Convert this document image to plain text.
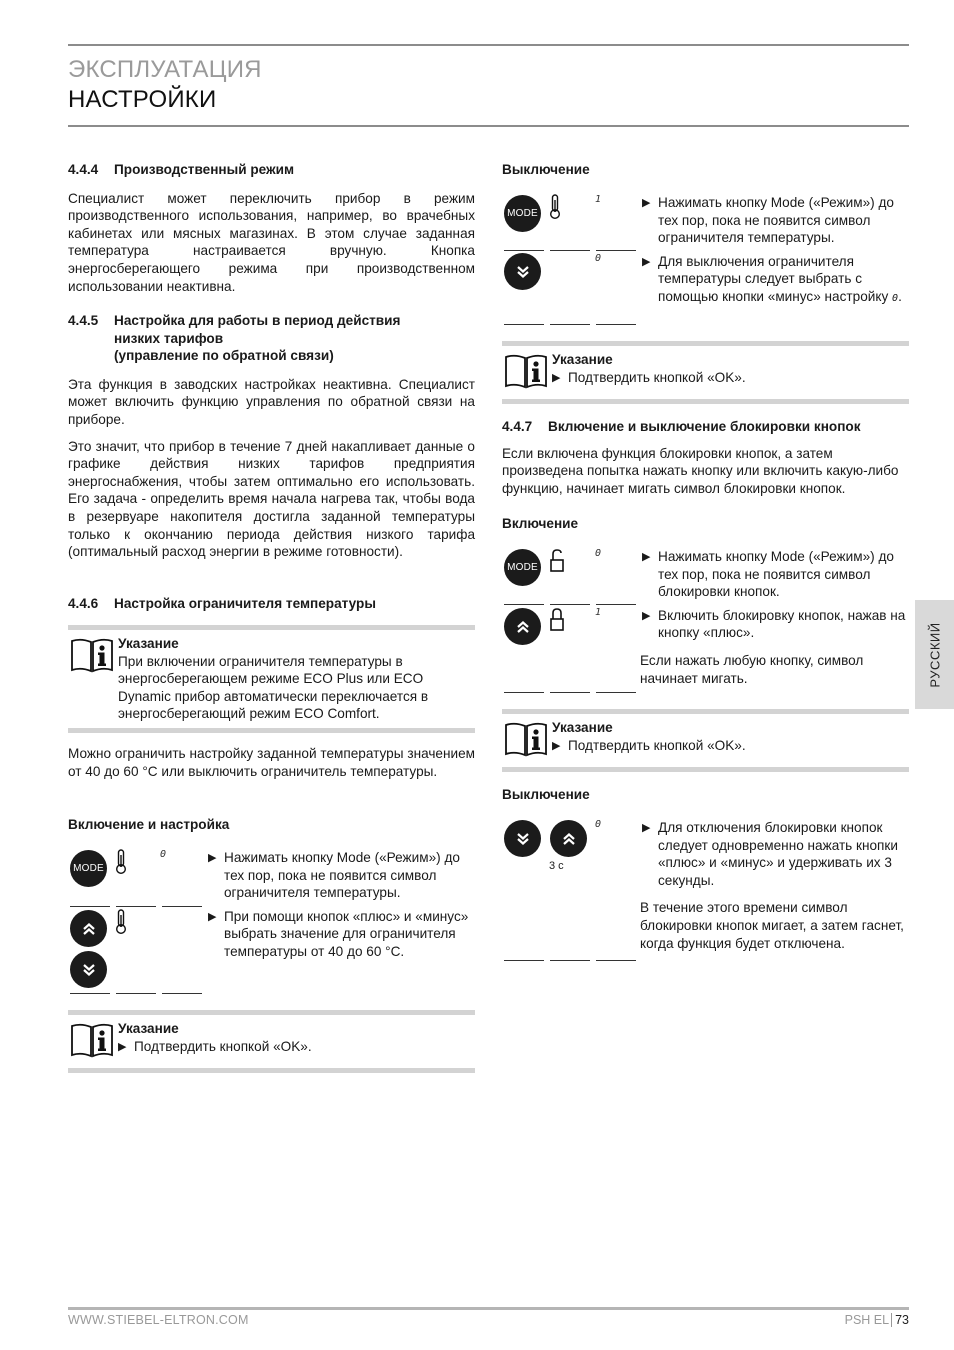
ЭКСПЛУАТАЦИЯ
НАСТРОЙКИ
4.4.4	Производственный режим

Специалист может переключить прибор в режим производственного использования, например, во врачебных кабинетах или мясных магазинах. В этом случае заданная температура настраивается вручную. Кнопка энергосберегающего режима при производственном использовании неактивна.

4.4.5	Настройка для работы в период действия
низких тарифов
(управление по обратной связи)

Эта функция в заводских настройках неактивна. Специалист может включить функцию управления по обратной связи на приборе.

Это значит, что прибор в течение 7 дней накапливает данные о графике действия низких тарифов предприятия энергоснабжения, чтобы затем оптимально его использовать. Его задача - определить время начала нагрева так, чтобы вода в резервуаре накопителя достигла заданной температуры только к окончанию периода действия низкого тарифа (оптимальный расход энергии в режиме готовности).

4.4.6	Настройка ограничителя температуры
Указание
При включении ограничителя температуры в энергосберегающем режиме ECO Plus или ECO Dynamic прибор автоматически переключается в энергосберегающий режим ECO Comfort.

Можно ограничить настройку заданной температуры значением от 40 до 60 °C или выключить ограничитель температуры.

Включение и настройка
MODE
0	▶ Нажимать кнопку Mode («Режим») до тех пор, пока не появится символ ограничителя температуры.
▶ При помощи кнопок «плюс» и «минус» выбрать значение для ограничителя температуры от 40 до 60 °C.
Указание
▶ Подтвердить кнопкой «OK».
Выключение
MODE
1
0
▶ Нажимать кнопку Mode («Режим») до тех пор, пока не появится символ ограничителя температуры.
▶ Для выключения ограничителя температуры следует выбрать с помощью кнопки «минус» настройку 0.
Указание
▶ Подтвердить кнопкой «OK».
4.4.7	Включение и выключение блокировки кнопок

Если включена функция блокировки кнопок, а затем произведена попытка нажать кнопку или включить какую-либо функцию, начинает мигать символ блокировки кнопок.

Включение
MODE
0
1
▶ Нажимать кнопку Mode («Режим») до тех пор, пока не появится символ блокировки кнопок.
▶ Включить блокировку кнопок, нажав на кнопку «плюс».

Если нажать любую кнопку, символ начинает мигать.

Указание
▶ Подтвердить кнопкой «OK».
Выключение
0
3 с
▶ Для отключения блокировки кнопок следует одновременно нажать кнопки «плюс» и «минус» и удерживать их 3 секунды.

В течение этого времени символ блокировки кнопок мигает, а затем гаснет, когда функция будет отключена.

РУССКИЙ
WWW.STIEBEL-ELTRON.COM	PSH EL 73
